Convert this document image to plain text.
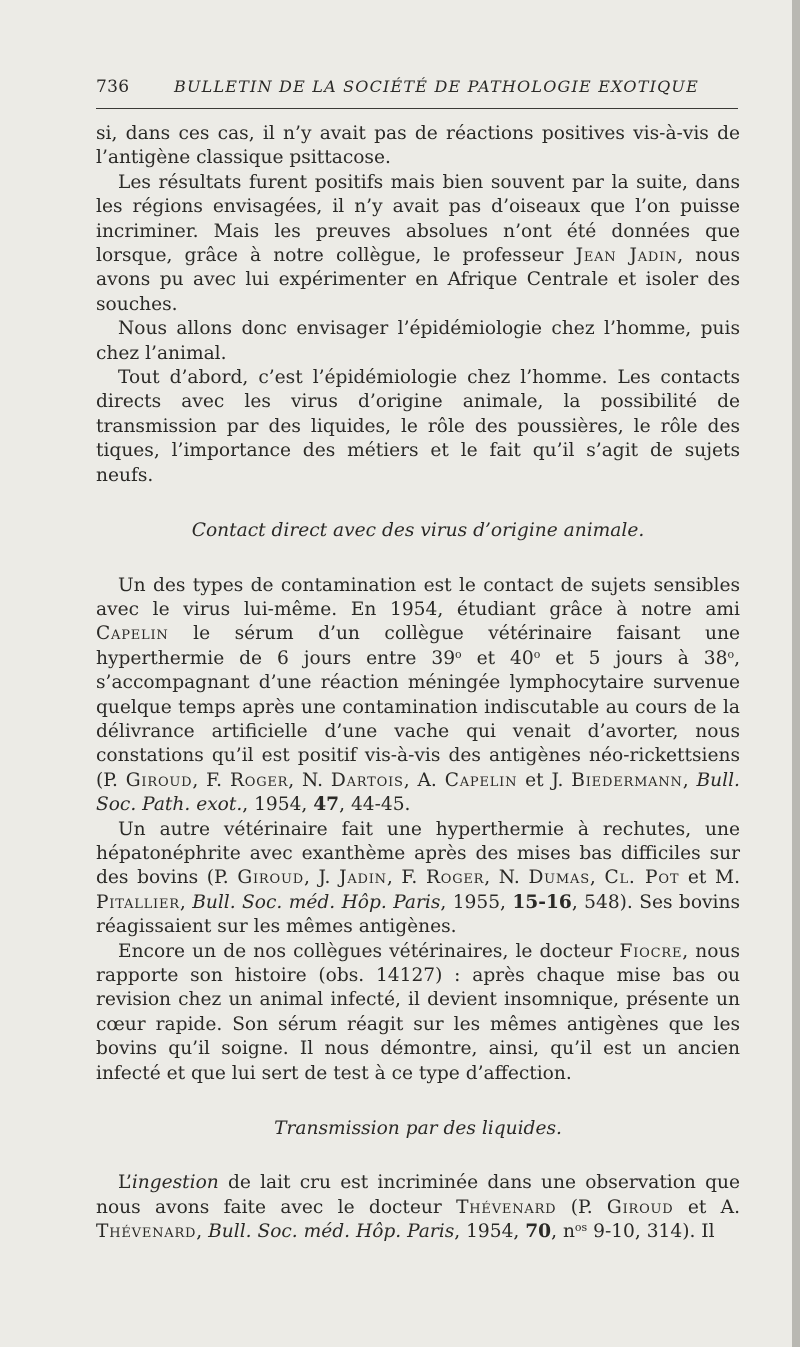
736	BULLETIN DE LA SOCIÉTÉ DE PATHOLOGIE EXOTIQUE

si, dans ces cas, il n’y avait pas de réactions positives vis-à-vis de l’antigène classique psittacose.

Les résultats furent positifs mais bien souvent par la suite, dans les régions envisagées, il n’y avait pas d’oiseaux que l’on puisse incriminer. Mais les preuves absolues n’ont été données que lorsque, grâce à notre collègue, le professeur Jean Jadin, nous avons pu avec lui expérimenter en Afrique Centrale et isoler des souches.

Nous allons donc envisager l’épidémiologie chez l’homme, puis chez l’animal.

Tout d’abord, c’est l’épidémiologie chez l’homme. Les contacts directs avec les virus d’origine animale, la possibilité de transmission par des liquides, le rôle des poussières, le rôle des tiques, l’importance des métiers et le fait qu’il s’agit de sujets neufs.

Contact direct avec des virus d’origine animale.

Un des types de contamination est le contact de sujets sensibles avec le virus lui-même. En 1954, étudiant grâce à notre ami Capelin le sérum d’un collègue vétérinaire faisant une hyperthermie de 6 jours entre 39$^o$ et 40$^o$ et 5 jours à 38$^o$, s’accompagnant d’une réaction méningée lymphocytaire survenue quelque temps après une contamination indiscutable au cours de la délivrance artificielle d’une vache qui venait d’avorter, nous constations qu’il est positif vis-à-vis des antigènes néo-rickettsiens (P. Giroud, F. Roger, N. Dartois, A. Capelin et J. Biedermann, Bull. Soc. Path. exot., 1954, 47, 44-45.

Un autre vétérinaire fait une hyperthermie à rechutes, une hépatonéphrite avec exanthème après des mises bas difficiles sur des bovins (P. Giroud, J. Jadin, F. Roger, N. Dumas, Cl. Pot et M. Pitallier, Bull. Soc. méd. Hôp. Paris, 1955, 15-16, 548). Ses bovins réagissaient sur les mêmes antigènes.

Encore un de nos collègues vétérinaires, le docteur Fiocre, nous rapporte son histoire (obs. 14127) : après chaque mise bas ou revision chez un animal infecté, il devient insomnique, présente un cœur rapide. Son sérum réagit sur les mêmes antigènes que les bovins qu’il soigne. Il nous démontre, ainsi, qu’il est un ancien infecté et que lui sert de test à ce type d’affection.

Transmission par des liquides.

L’ingestion de lait cru est incriminée dans une observation que nous avons faite avec le docteur Thévenard (P. Giroud et A. Thévenard, Bull. Soc. méd. Hôp. Paris, 1954, 70, $n^{os}$ 9-10, 314). Il
